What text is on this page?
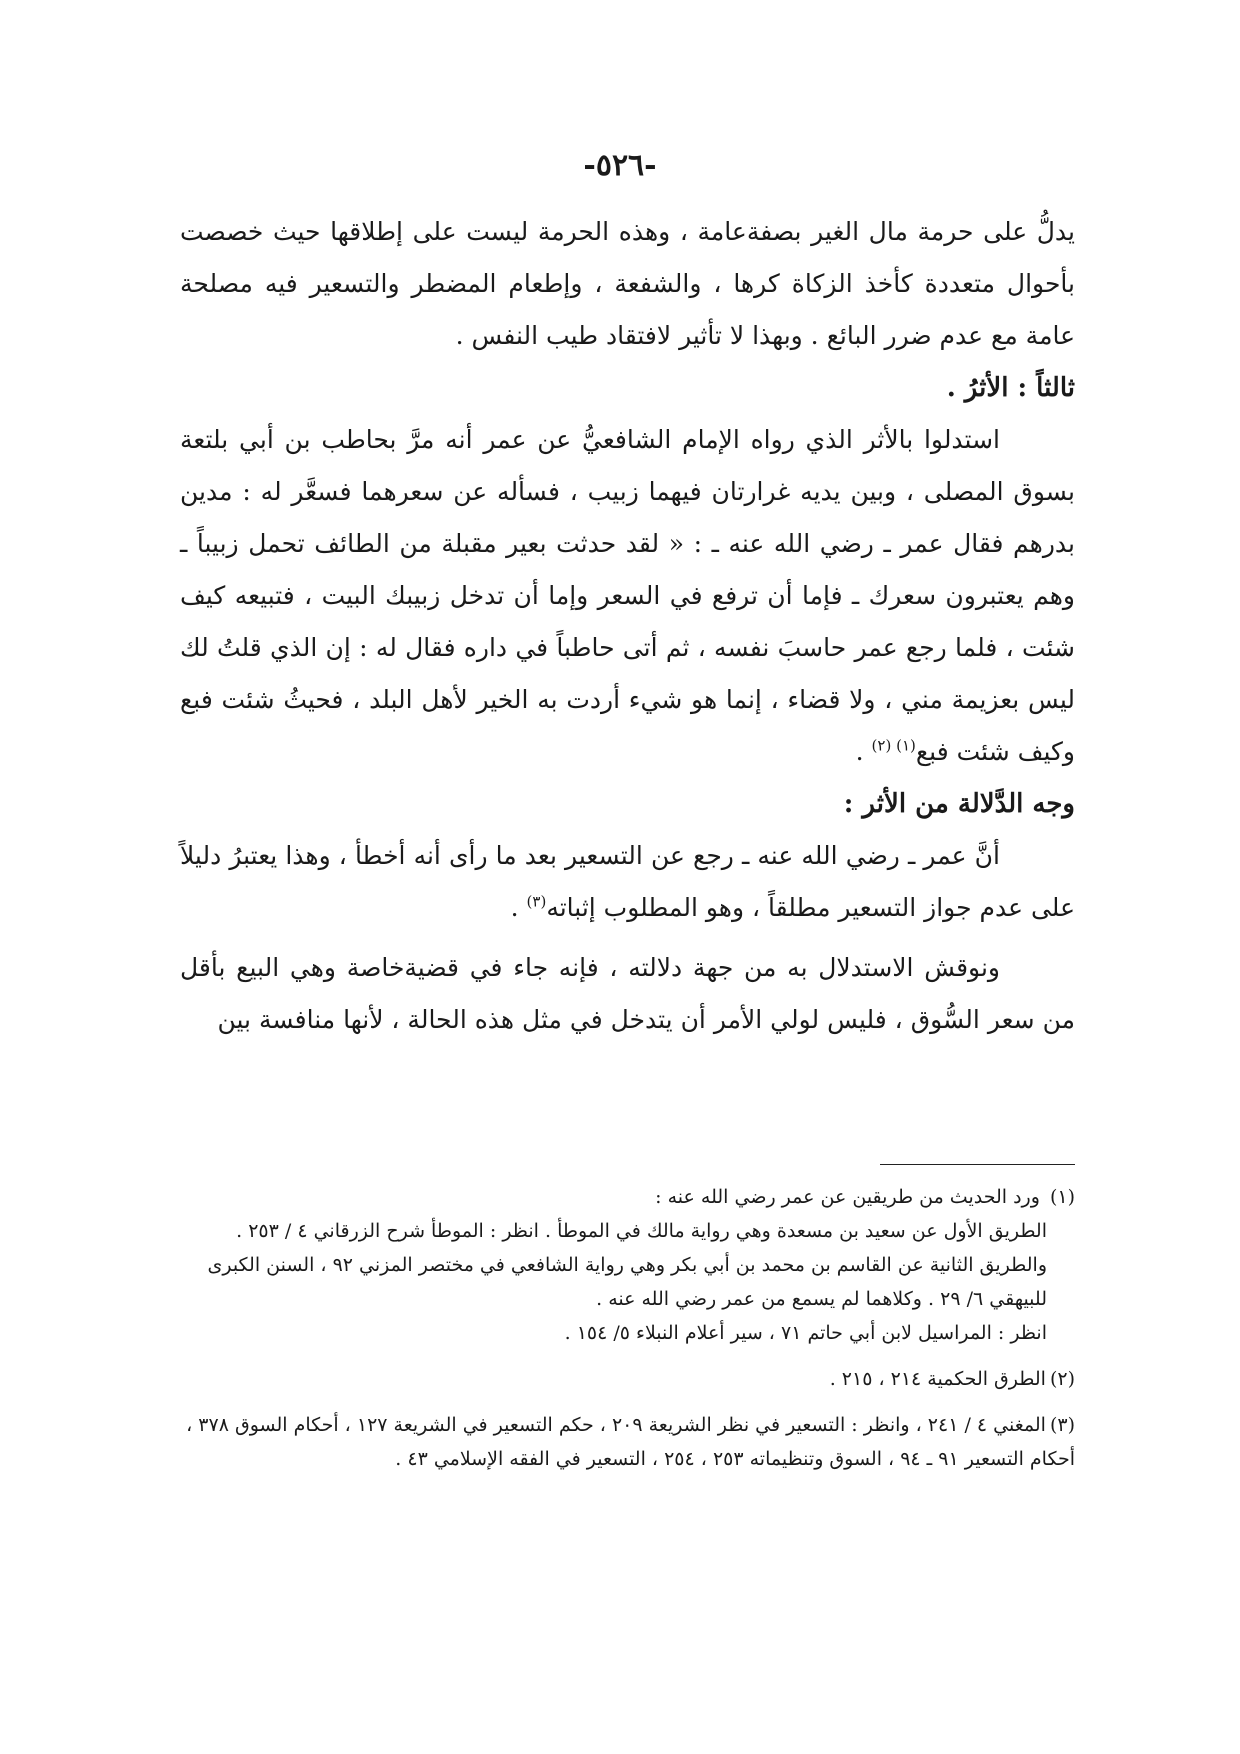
-٥٢٦-

يدلُّ على حرمة مال الغير بصفةعامة ، وهذه الحرمة ليست على إطلاقها حيث خصصت بأحوال متعددة كأخذ الزكاة كرها ، والشفعة ، وإطعام المضطر والتسعير فيه مصلحة عامة مع عدم ضرر البائع . وبهذا لا تأثير لافتقاد طيب النفس .

ثالثاً : الأثرُ .

استدلوا بالأثر الذي رواه الإمام الشافعيُّ عن عمر أنه مرَّ بحاطب بن أبي بلتعة بسوق المصلى ، وبين يديه غرارتان فيهما زبيب ، فسأله عن سعرهما فسعَّر له : مدين بدرهم فقال عمر ـ رضي الله عنه ـ : « لقد حدثت بعير مقبلة من الطائف تحمل زبيباً ـ وهم يعتبرون سعرك ـ فإما أن ترفع في السعر وإما أن تدخل زبيبك البيت ، فتبيعه كيف شئت ، فلما رجع عمر حاسبَ نفسه ، ثم أتى حاطباً في داره فقال له : إن الذي قلتُ لك ليس بعزيمة مني ، ولا قضاء ، إنما هو شيء أردت به الخير لأهل البلد ، فحيثُ شئت فبع وكيف شئت فبع$^{(١) (٢)}$ .

وجه الدَّلالة من الأثر :

أنَّ عمر ـ رضي الله عنه ـ رجع عن التسعير بعد ما رأى أنه أخطأ ، وهذا يعتبرُ دليلاً على عدم جواز التسعير مطلقاً ، وهو المطلوب إثباته$^{(٣)}$ .

ونوقش الاستدلال به من جهة دلالته ، فإنه جاء في قضيةخاصة وهي البيع بأقل من سعر السُّوق ، فليس لولي الأمر أن يتدخل في مثل هذه الحالة ، لأنها منافسة بين

(١) ورد الحديث من طريقين عن عمر رضي الله عنه :

الطريق الأول عن سعيد بن مسعدة وهي رواية مالك في الموطأ . انظر : الموطأ شرح الزرقاني ٤ / ٢٥٣ .

والطريق الثانية عن القاسم بن محمد بن أبي بكر وهي رواية الشافعي في مختصر المزني ٩٢ ، السنن الكبرى للبيهقي ٦/ ٢٩ . وكلاهما لم يسمع من عمر رضي الله عنه .

انظر : المراسيل لابن أبي حاتم ٧١ ، سير أعلام النبلاء ٥/ ١٥٤ .

(٢)الطرق الحكمية ٢١٤ ، ٢١٥ .

(٣)المغني ٤ / ٢٤١ ، وانظر : التسعير في نظر الشريعة ٢٠٩ ، حكم التسعير في الشريعة ١٢٧ ، أحكام السوق ٣٧٨ ، أحكام التسعير ٩١ ـ ٩٤ ، السوق وتنظيماته ٢٥٣ ، ٢٥٤ ، التسعير في الفقه الإسلامي ٤٣ .
